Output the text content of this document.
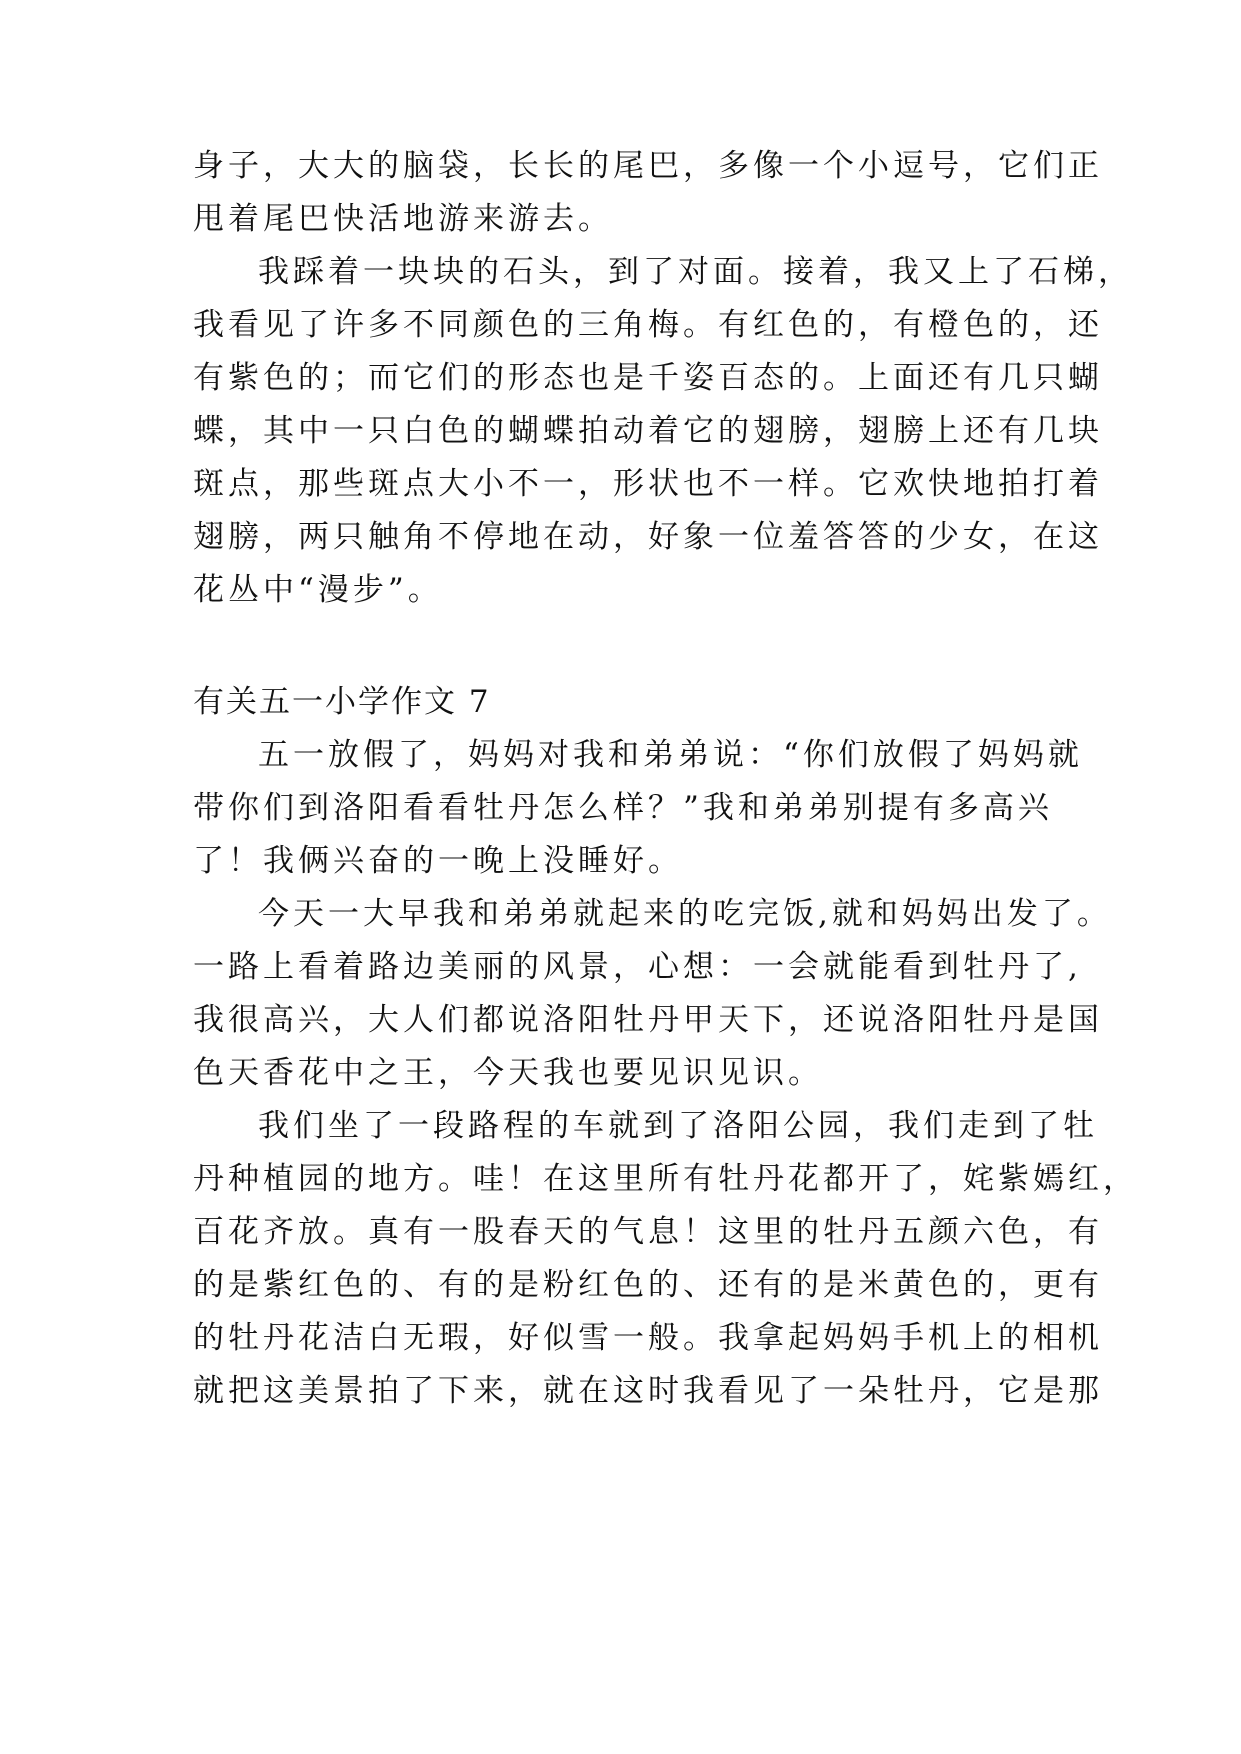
身子，大大的脑袋，长长的尾巴，多像一个小逗号，它们正
甩着尾巴快活地游来游去。
我踩着一块块的石头，到了对面。接着，我又上了石梯，
我看见了许多不同颜色的三角梅。有红色的，有橙色的，还
有紫色的；而它们的形态也是千姿百态的。上面还有几只蝴
蝶，其中一只白色的蝴蝶拍动着它的翅膀，翅膀上还有几块
斑点，那些斑点大小不一，形状也不一样。它欢快地拍打着
翅膀，两只触角不停地在动，好象一位羞答答的少女，在这
花丛中“漫步”。
有关五一小学作文 7
五一放假了，妈妈对我和弟弟说：“你们放假了妈妈就
带你们到洛阳看看牡丹怎么样？”我和弟弟别提有多高兴
了！我俩兴奋的一晚上没睡好。
今天一大早我和弟弟就起来的吃完饭,就和妈妈出发了。
一路上看着路边美丽的风景，心想：一会就能看到牡丹了,
我很高兴，大人们都说洛阳牡丹甲天下，还说洛阳牡丹是国
色天香花中之王，今天我也要见识见识。
我们坐了一段路程的车就到了洛阳公园，我们走到了牡
丹种植园的地方。哇！在这里所有牡丹花都开了，姹紫嫣红，
百花齐放。真有一股春天的气息！这里的牡丹五颜六色，有
的是紫红色的、有的是粉红色的、还有的是米黄色的，更有
的牡丹花洁白无瑕，好似雪一般。我拿起妈妈手机上的相机
就把这美景拍了下来，就在这时我看见了一朵牡丹，它是那
